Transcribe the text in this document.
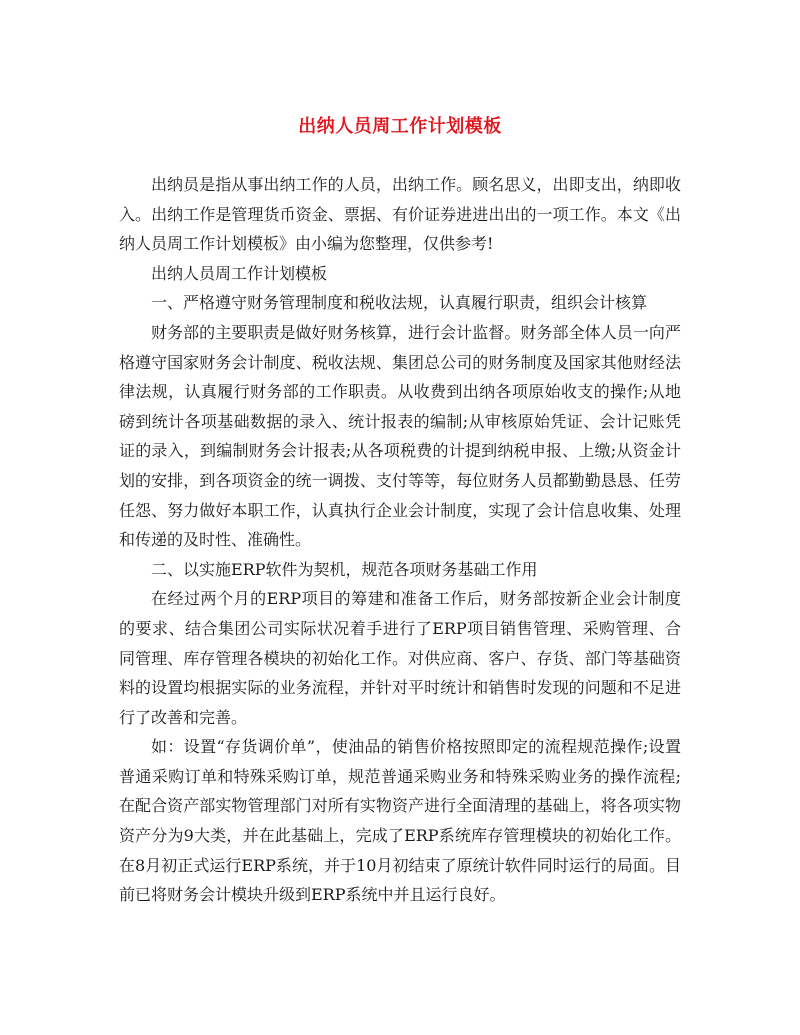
出纳人员周工作计划模板

出纳员是指从事出纳工作的人员，出纳工作。顾名思义，出即支出，纳即收入。出纳工作是管理货币资金、票据、有价证券进进出出的一项工作。本文《出纳人员周工作计划模板》由小编为您整理，仅供参考!

出纳人员周工作计划模板

一、严格遵守财务管理制度和税收法规，认真履行职责，组织会计核算

财务部的主要职责是做好财务核算，进行会计监督。财务部全体人员一向严格遵守国家财务会计制度、税收法规、集团总公司的财务制度及国家其他财经法律法规，认真履行财务部的工作职责。从收费到出纳各项原始收支的操作;从地磅到统计各项基础数据的录入、统计报表的编制;从审核原始凭证、会计记账凭证的录入，到编制财务会计报表;从各项税费的计提到纳税申报、上缴;从资金计划的安排，到各项资金的统一调拨、支付等等，每位财务人员都勤勤恳恳、任劳任怨、努力做好本职工作，认真执行企业会计制度，实现了会计信息收集、处理和传递的及时性、准确性。

二、以实施ERP软件为契机，规范各项财务基础工作用

在经过两个月的ERP项目的筹建和准备工作后，财务部按新企业会计制度的要求、结合集团公司实际状况着手进行了ERP项目销售管理、采购管理、合同管理、库存管理各模块的初始化工作。对供应商、客户、存货、部门等基础资料的设置均根据实际的业务流程，并针对平时统计和销售时发现的问题和不足进行了改善和完善。

如：设置“存货调价单”，使油品的销售价格按照即定的流程规范操作;设置普通采购订单和特殊采购订单，规范普通采购业务和特殊采购业务的操作流程;在配合资产部实物管理部门对所有实物资产进行全面清理的基础上，将各项实物资产分为9大类，并在此基础上，完成了ERP系统库存管理模块的初始化工作。在8月初正式运行ERP系统，并于10月初结束了原统计软件同时运行的局面。目前已将财务会计模块升级到ERP系统中并且运行良好。
